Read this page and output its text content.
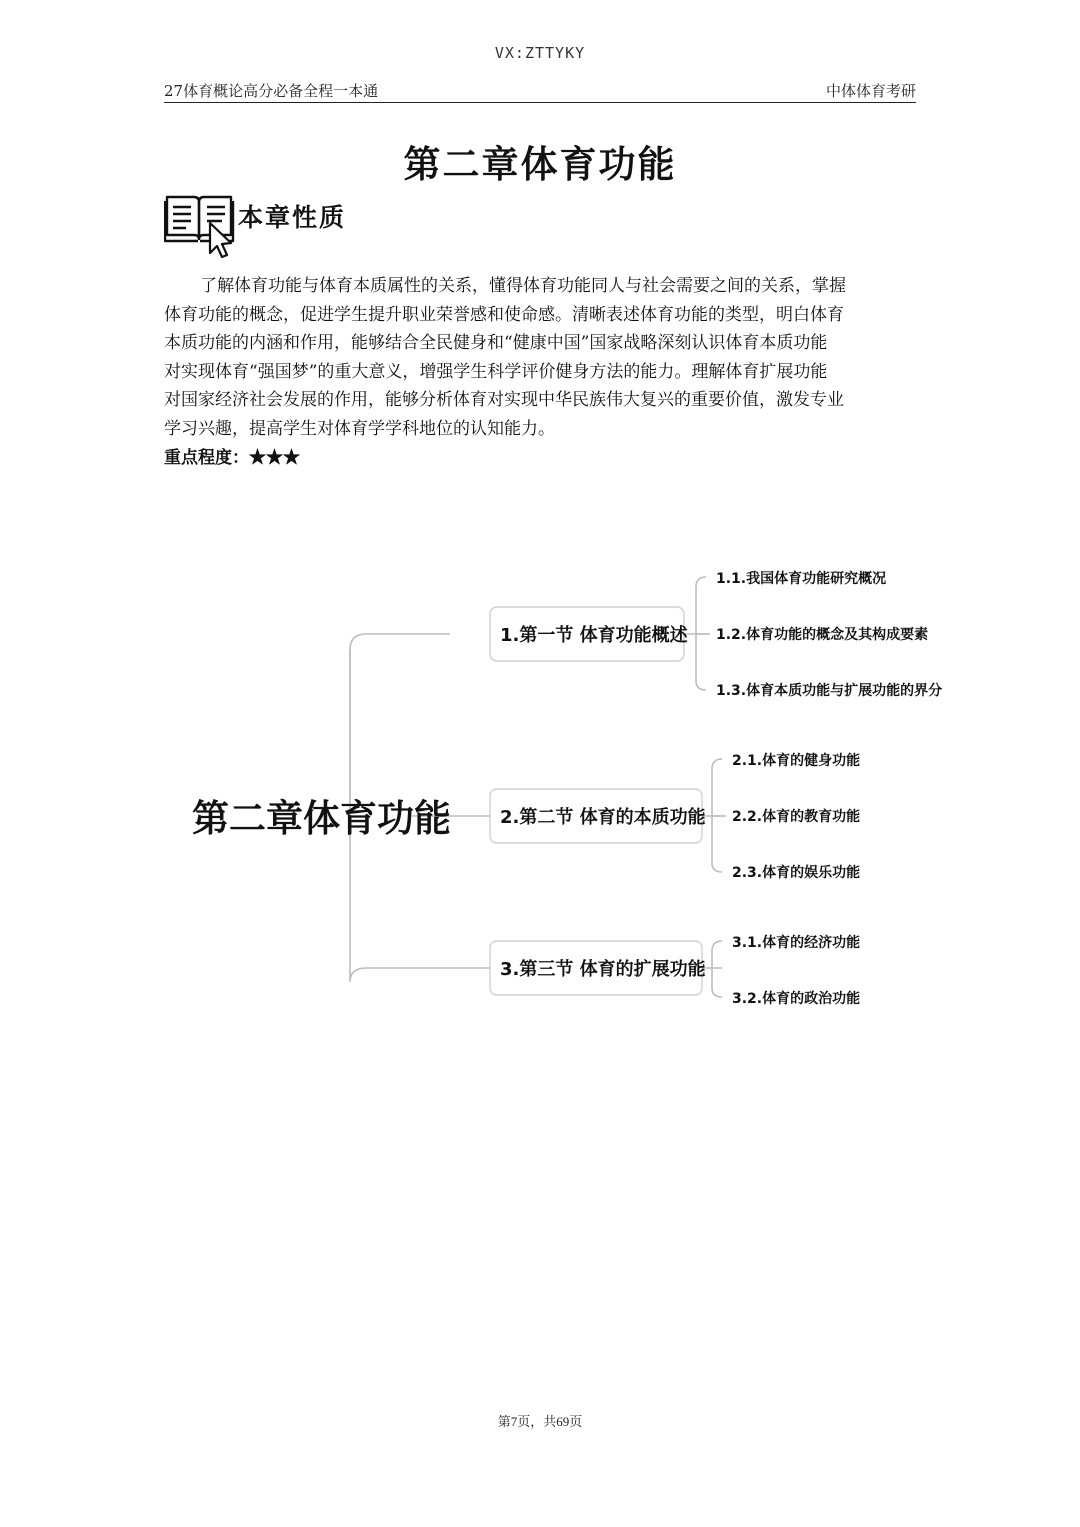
VX:ZTTYKY
27体育概论高分必备全程一本通	中体体育考研
第二章体育功能
本章性质

了解体育功能与体育本质属性的关系，懂得体育功能同人与社会需要之间的关系，掌握
体育功能的概念，促进学生提升职业荣誉感和使命感。清晰表述体育功能的类型，明白体育
本质功能的内涵和作用，能够结合全民健身和“健康中国”国家战略深刻认识体育本质功能
对实现体育“强国梦”的重大意义，增强学生科学评价健身方法的能力。理解体育扩展功能
对国家经济社会发展的作用，能够分析体育对实现中华民族伟大复兴的重要价值，激发专业
学习兴趣，提高学生对体育学学科地位的认知能力。

重点程度：★★★
第二章体育功能
1.第一节 体育功能概述
2.第二节 体育的本质功能
3.第三节 体育的扩展功能
1.1.我国体育功能研究概况
1.2.体育功能的概念及其构成要素
1.3.体育本质功能与扩展功能的界分
2.1.体育的健身功能
2.2.体育的教育功能
2.3.体育的娱乐功能
3.1.体育的经济功能
3.2.体育的政治功能
第7页，共69页
